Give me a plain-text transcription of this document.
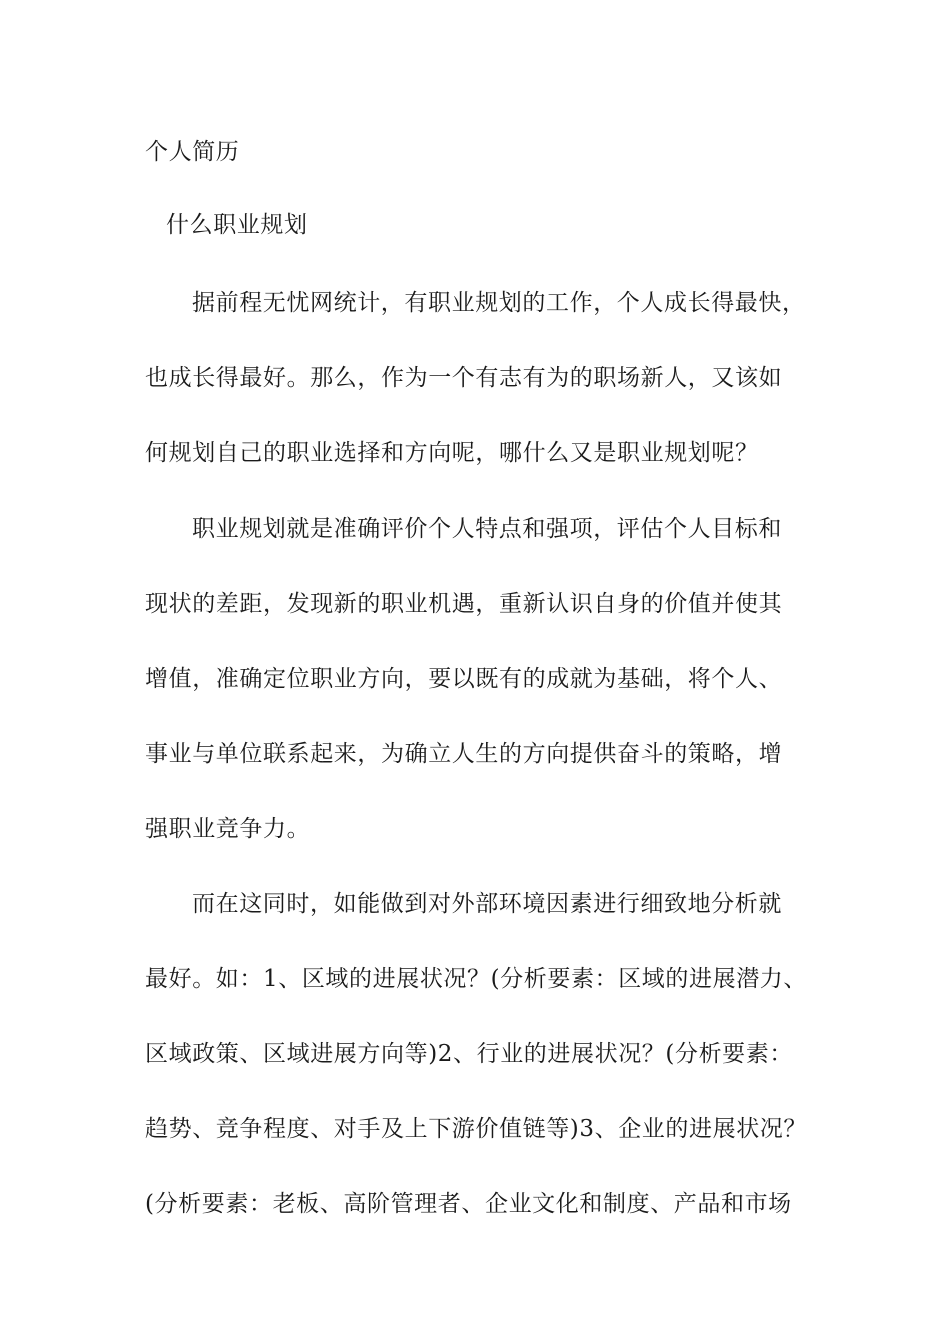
个人简历
什么职业规划
据前程无忧网统计，有职业规划的工作，个人成长得最快，
也成长得最好。那么，作为一个有志有为的职场新人，又该如
何规划自己的职业选择和方向呢，哪什么又是职业规划呢？
职业规划就是准确评价个人特点和强项，评估个人目标和
现状的差距，发现新的职业机遇，重新认识自身的价值并使其
增值，准确定位职业方向，要以既有的成就为基础，将个人、
事业与单位联系起来，为确立人生的方向提供奋斗的策略，增
强职业竞争力。
而在这同时，如能做到对外部环境因素进行细致地分析就
最好。如：1、区域的进展状况？(分析要素：区域的进展潜力、
区域政策、区域进展方向等)2、行业的进展状况？(分析要素：
趋势、竞争程度、对手及上下游价值链等)3、企业的进展状况？
(分析要素：老板、高阶管理者、企业文化和制度、产品和市场
